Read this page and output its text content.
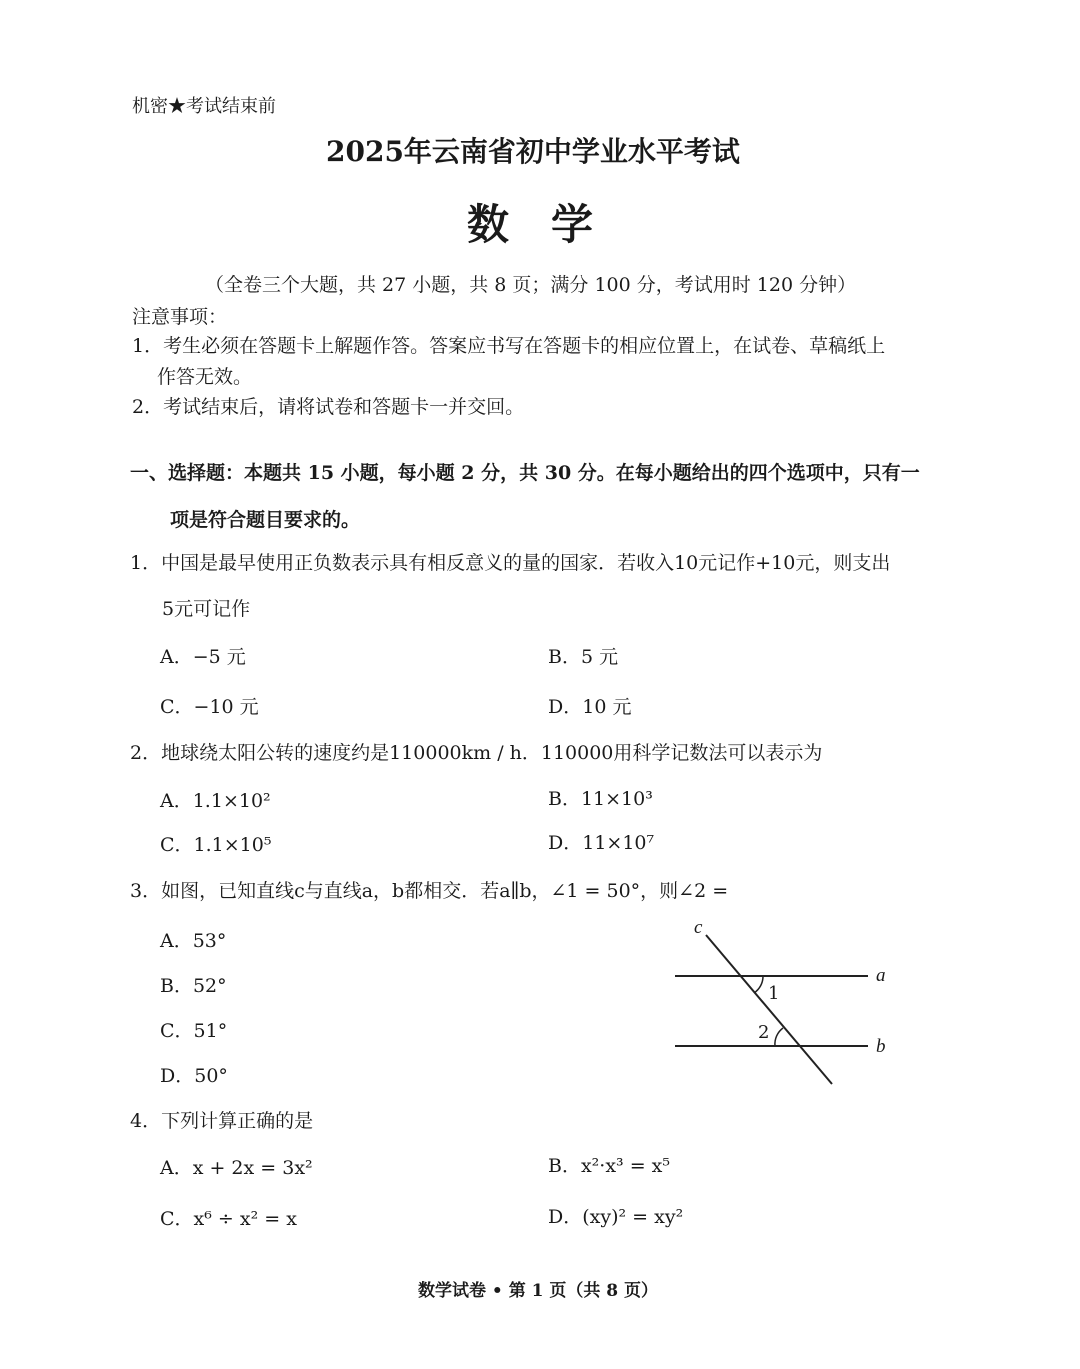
机密★考试结束前
2025年云南省初中学业水平考试
数　学
（全卷三个大题，共 27 小题，共 8 页；满分 100 分，考试用时 120 分钟）
注意事项：
1．考生必须在答题卡上解题作答。答案应书写在答题卡的相应位置上，在试卷、草稿纸上
　 作答无效。
2．考试结束后，请将试卷和答题卡一并交回。
一、选择题：本题共 15 小题，每小题 2 分，共 30 分。在每小题给出的四个选项中，只有一
项是符合题目要求的。
1．中国是最早使用正负数表示具有相反意义的量的国家．若收入10元记作+10元，则支出
5元可记作
A．−5 元	B．5 元
C．−10 元	D．10 元
2．地球绕太阳公转的速度约是110000km / h．110000用科学记数法可以表示为
A．1.1×10²	B．11×10³
C．1.1×10⁵	D．11×10⁷
3．如图，已知直线c与直线a，b都相交．若a∥b，∠1 = 50°，则∠2 =
A．53°
B．52°
C．51°
D．50°
c
a
b
1
2
4．下列计算正确的是
A．x + 2x = 3x²	B．x²·x³ = x⁵
C．x⁶ ÷ x² = x	D．(xy)² = xy²
数学试卷 • 第 1 页（共 8 页）
